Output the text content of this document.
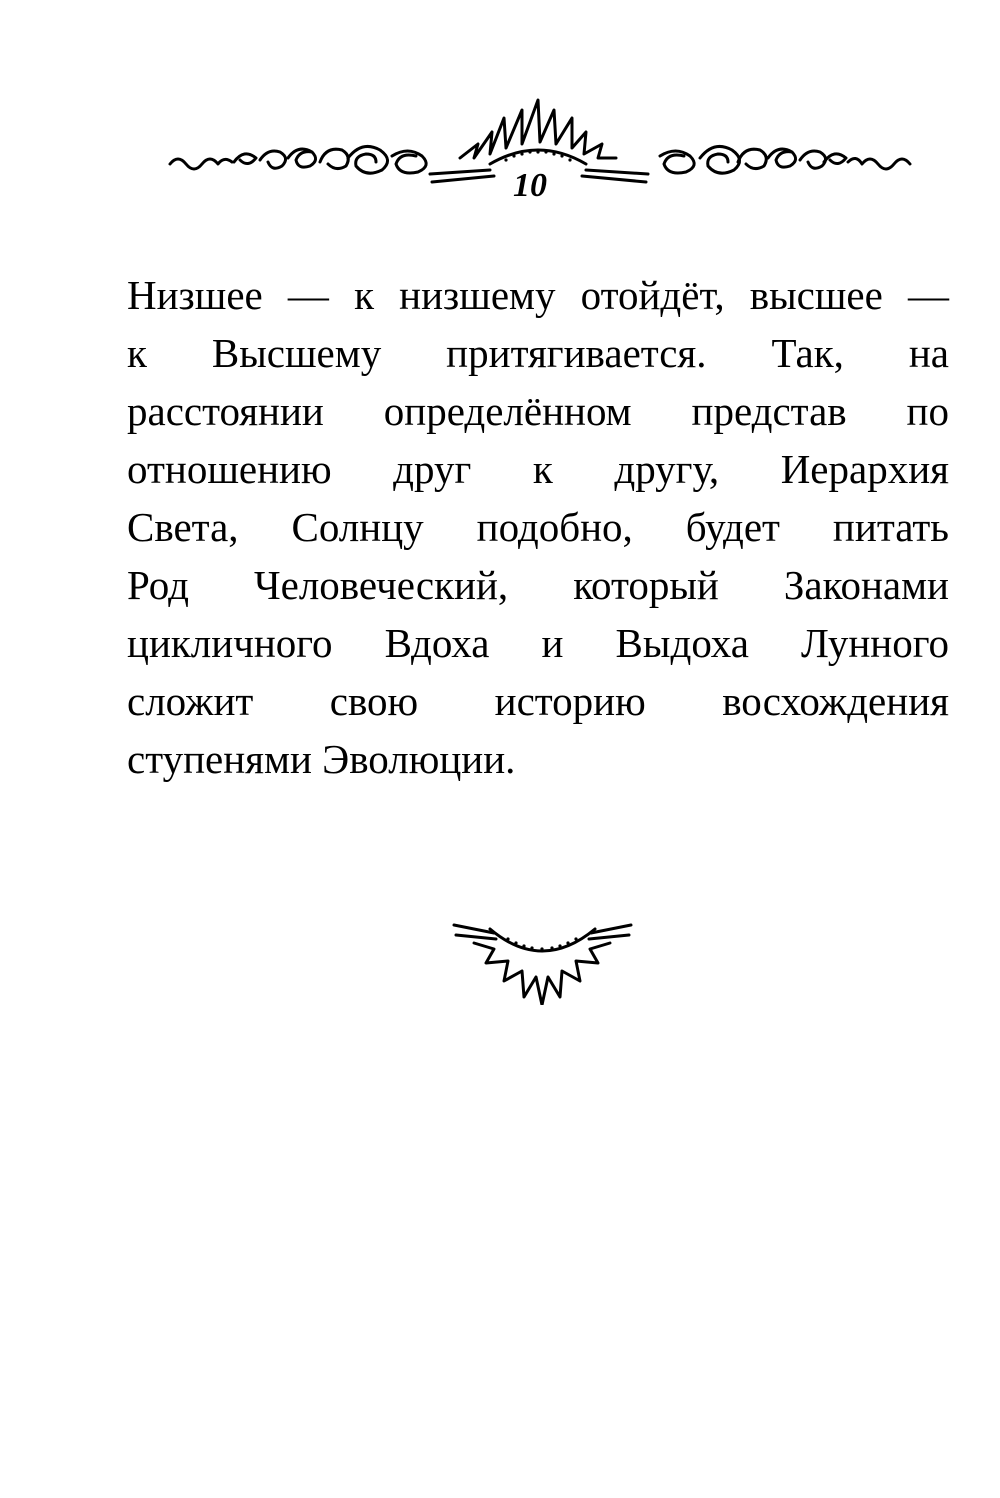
10

Низшее — к низшему отойдёт, высшее —
к Высшему притягивается. Так, на
расстоянии определённом представ по
отношению друг к другу, Иерархия
Света, Солнцу подобно, будет питать
Род Человеческий, который Законами
цикличного Вдоха и Выдоха Лунного
сложит свою историю восхождения
ступенями Эволюции.
